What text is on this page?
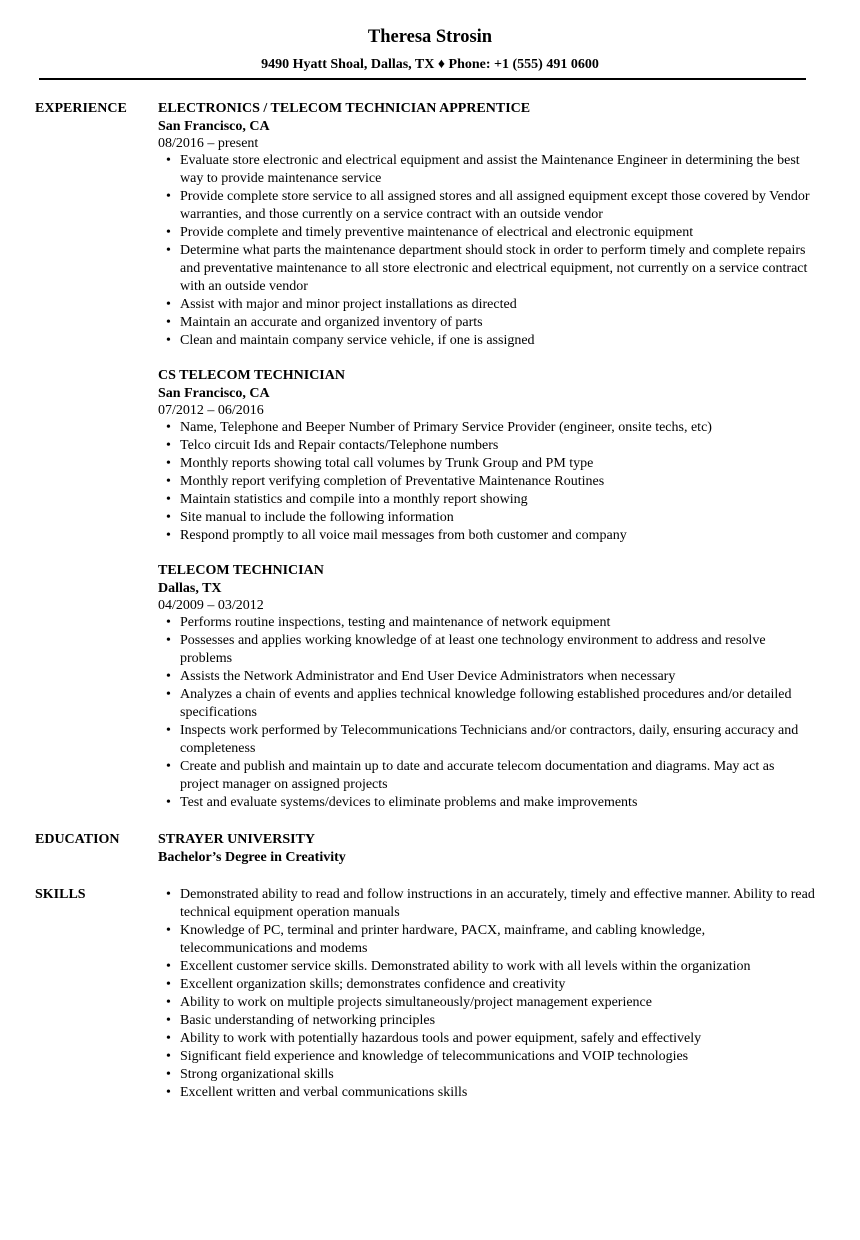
Theresa Strosin
9490 Hyatt Shoal, Dallas, TX ♦ Phone: +1 (555) 491 0600
EXPERIENCE ELECTRONICS / TELECOM TECHNICIAN APPRENTICE
San Francisco, CA
08/2016 – present
• Evaluate store electronic and electrical equipment and assist the Maintenance Engineer in determining the best way to provide maintenance service
• Provide complete store service to all assigned stores and all assigned equipment except those covered by Vendor warranties, and those currently on a service contract with an outside vendor
• Provide complete and timely preventive maintenance of electrical and electronic equipment
• Determine what parts the maintenance department should stock in order to perform timely and complete repairs and preventative maintenance to all store electronic and electrical equipment, not currently on a service contract with an outside vendor
• Assist with major and minor project installations as directed
• Maintain an accurate and organized inventory of parts
• Clean and maintain company service vehicle, if one is assigned
CS TELECOM TECHNICIAN
San Francisco, CA
07/2012 – 06/2016
• Name, Telephone and Beeper Number of Primary Service Provider (engineer, onsite techs, etc)
• Telco circuit Ids and Repair contacts/Telephone numbers
• Monthly reports showing total call volumes by Trunk Group and PM type
• Monthly report verifying completion of Preventative Maintenance Routines
• Maintain statistics and compile into a monthly report showing
• Site manual to include the following information
• Respond promptly to all voice mail messages from both customer and company
TELECOM TECHNICIAN
Dallas, TX
04/2009 – 03/2012
• Performs routine inspections, testing and maintenance of network equipment
• Possesses and applies working knowledge of at least one technology environment to address and resolve problems
• Assists the Network Administrator and End User Device Administrators when necessary
• Analyzes a chain of events and applies technical knowledge following established procedures and/or detailed specifications
• Inspects work performed by Telecommunications Technicians and/or contractors, daily, ensuring accuracy and completeness
• Create and publish and maintain up to date and accurate telecom documentation and diagrams. May act as project manager on assigned projects
• Test and evaluate systems/devices to eliminate problems and make improvements
EDUCATION	STRAYER UNIVERSITY
Bachelor’s Degree in Creativity
SKILLS
•	Demonstrated ability to read and follow instructions in an accurately, timely and effective manner. Ability to read technical equipment operation manuals
• Knowledge of PC, terminal and printer hardware, PACX, mainframe, and cabling knowledge, telecommunications and modems
• Excellent customer service skills. Demonstrated ability to work with all levels within the organization
• Excellent organization skills; demonstrates confidence and creativity
• Ability to work on multiple projects simultaneously/project management experience
• Basic understanding of networking principles
• Ability to work with potentially hazardous tools and power equipment, safely and effectively
• Significant field experience and knowledge of telecommunications and VOIP technologies
• Strong organizational skills
• Excellent written and verbal communications skills
